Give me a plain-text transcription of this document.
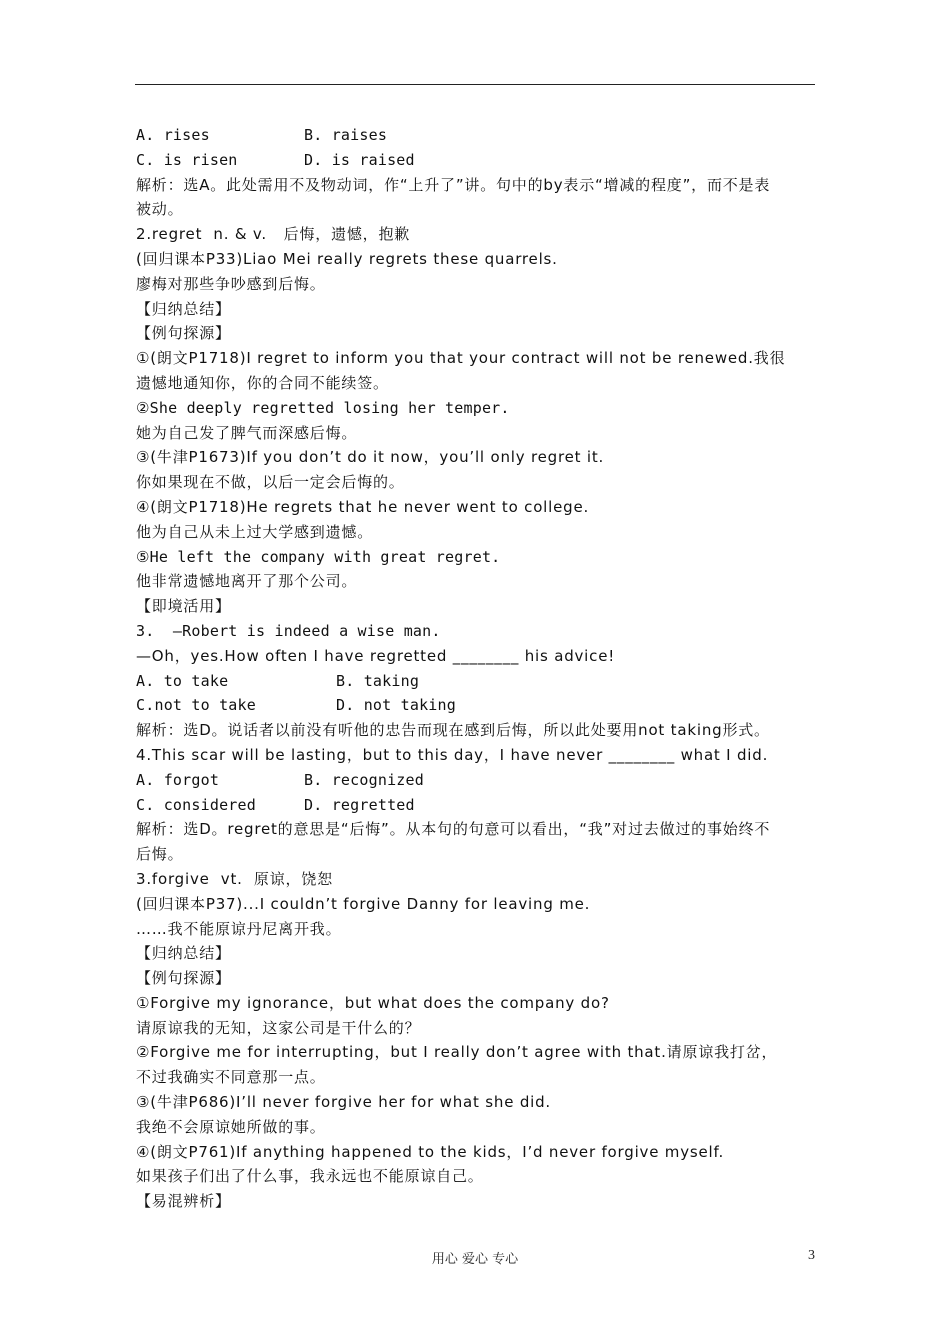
A. rises	B. raises
C. is risen	D. is raised
解析：选A。此处需用不及物动词，作“上升了”讲。句中的by表示“增减的程度”，而不是表
被动。
2.regret  n. & v.   后悔，遗憾，抱歉
(回归课本P33)Liao Mei really regrets these quarrels.
廖梅对那些争吵感到后悔。
【归纳总结】
【例句探源】
①(朗文P1718)I regret to inform you that your contract will not be renewed.我很
遗憾地通知你，你的合同不能续签。
②She deeply regretted losing her temper.
她为自己发了脾气而深感后悔。
③(牛津P1673)If you don’t do it now，you’ll only regret it.
你如果现在不做，以后一定会后悔的。
④(朗文P1718)He regrets that he never went to college.
他为自己从未上过大学感到遗憾。
⑤He left the company with great regret.
他非常遗憾地离开了那个公司。
【即境活用】
3.  —Robert is indeed a wise man.
—Oh，yes.How often I have regretted ________ his advice!
A. to take	B. taking
C.not to take	D. not taking
解析：选D。说话者以前没有听他的忠告而现在感到后悔，所以此处要用not taking形式。
4.This scar will be lasting，but to this day，I have never ________ what I did.
A. forgot	B. recognized
C. considered	D. regretted
解析：选D。regret的意思是“后悔”。从本句的句意可以看出，“我”对过去做过的事始终不
后悔。
3.forgive  vt.  原谅，饶恕
(回归课本P37)...I couldn’t forgive Danny for leaving me.
……我不能原谅丹尼离开我。
【归纳总结】
【例句探源】
①Forgive my ignorance，but what does the company do?
请原谅我的无知，这家公司是干什么的？
②Forgive me for interrupting，but I really don’t agree with that.请原谅我打岔，
不过我确实不同意那一点。
③(牛津P686)I’ll never forgive her for what she did.
我绝不会原谅她所做的事。
④(朗文P761)If anything happened to the kids，I’d never forgive myself.
如果孩子们出了什么事，我永远也不能原谅自己。
【易混辨析】
用心 爱心 专心	3
